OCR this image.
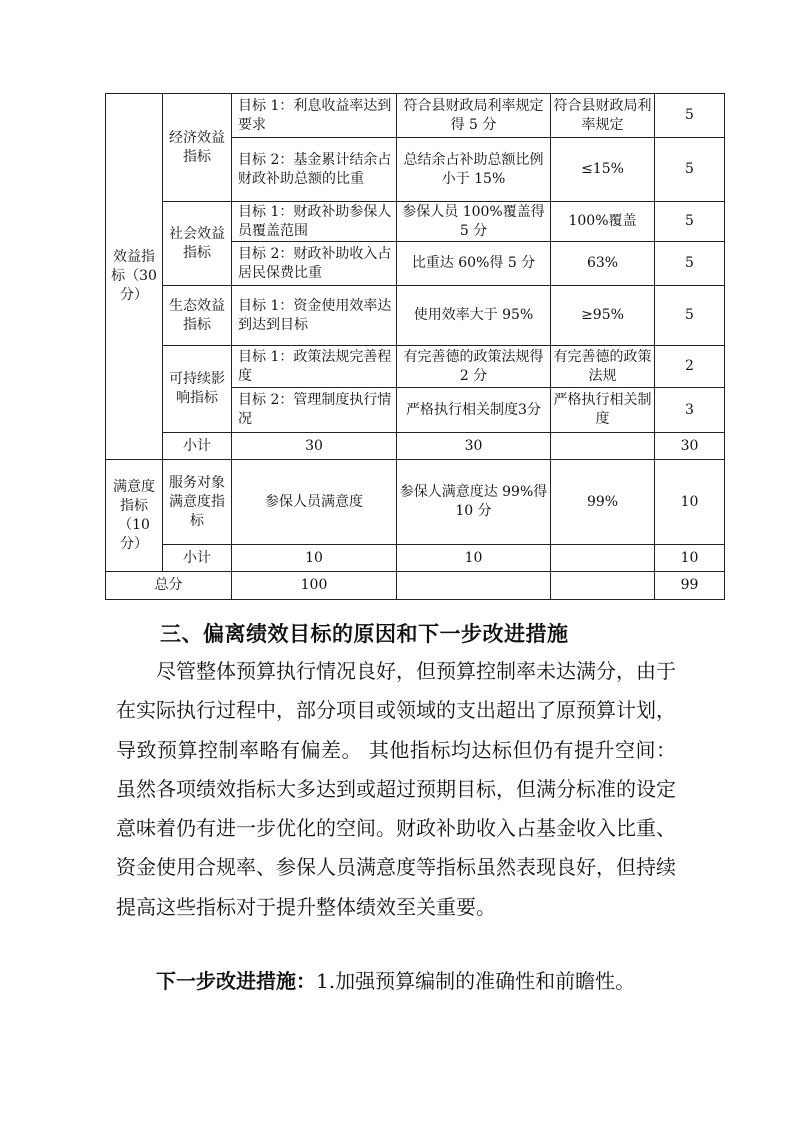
效益指标（30分）	经济效益指标	目标 1：利息收益率达到要求	符合县财政局利率规定得 5 分	符合县财政局利率规定	5
		目标 2：基金累计结余占财政补助总额的比重	总结余占补助总额比例小于 15%	≤15%	5
	社会效益指标	目标 1：财政补助参保人员覆盖范围	参保人员 100%覆盖得 5 分	100%覆盖	5
		目标 2：财政补助收入占居民保费比重	比重达 60%得 5 分	63%	5
	生态效益指标	目标 1：资金使用效率达到达到目标	使用效率大于 95%	≥95%	5
	可持续影响指标	目标 1：政策法规完善程度	有完善德的政策法规得 2 分	有完善德的政策法规	2
		目标 2：管理制度执行情况	严格执行相关制度3分	严格执行相关制度	3
	小计	30	30		30

满意度指标（10分）	服务对象满意度指标	参保人员满意度	参保人满意度达 99%得 10 分	99%	10
	小计	10	10		10
总分		100			99
三、偏离绩效目标的原因和下一步改进措施
尽管整体预算执行情况良好，但预算控制率未达满分，由于在实际执行过程中，部分项目或领域的支出超出了原预算计划，导致预算控制率略有偏差。 其他指标均达标但仍有提升空间： 虽然各项绩效指标大多达到或超过预期目标，但满分标准的设定意味着仍有进一步优化的空间。财政补助收入占基金收入比重、资金使用合规率、参保人员满意度等指标虽然表现良好，但持续提高这些指标对于提升整体绩效至关重要。
下一步改进措施：1.加强预算编制的准确性和前瞻性。
